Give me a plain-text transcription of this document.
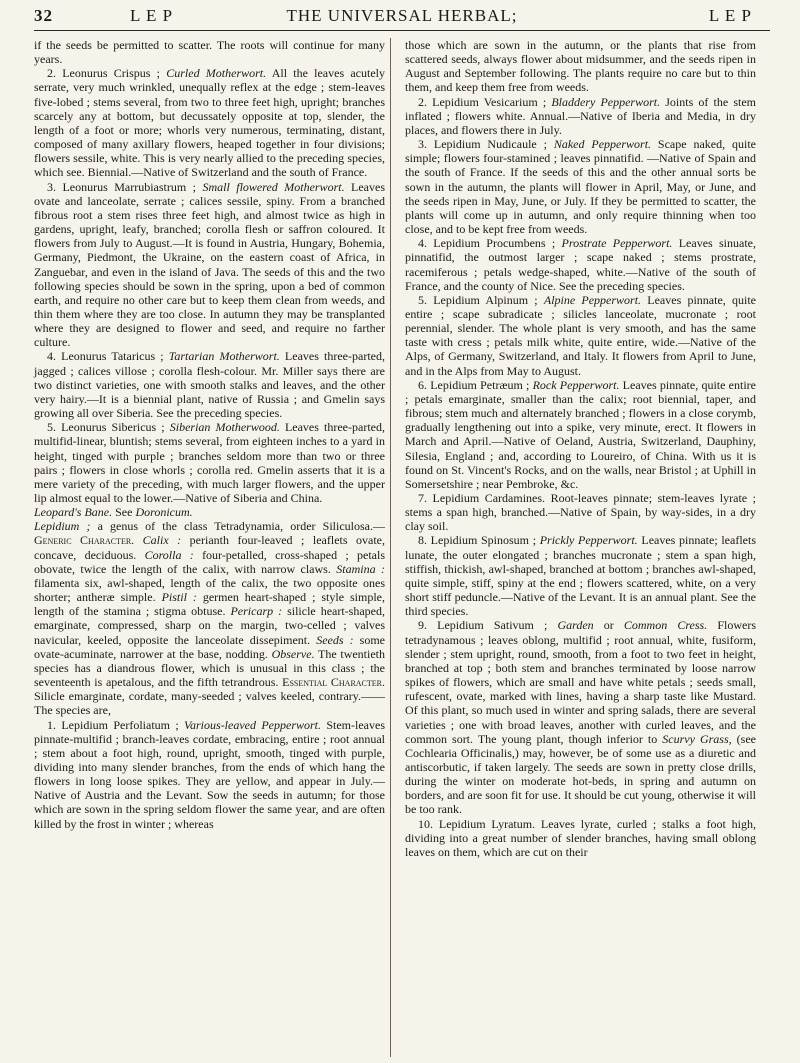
32	L E P	THE UNIVERSAL HERBAL;	L E P

if the seeds be permitted to scatter. The roots will continue for many years.

2. Leonurus Crispus ; Curled Motherwort. All the leaves acutely serrate, very much wrinkled, unequally reflex at the edge ; stem-leaves five-lobed ; stems several, from two to three feet high, upright; branches scarcely any at bottom, but decussately opposite at top, slender, the length of a foot or more; whorls very numerous, terminating, distant, composed of many axillary flowers, heaped together in four divisions; flowers sessile, white. This is very nearly allied to the preceding species, which see. Biennial.—Native of Switzerland and the south of France.

3. Leonurus Marrubiastrum ; Small flowered Motherwort. Leaves ovate and lanceolate, serrate ; calices sessile, spiny. From a branched fibrous root a stem rises three feet high, and almost twice as high in gardens, upright, leafy, branched; corolla flesh or saffron coloured. It flowers from July to August.—It is found in Austria, Hungary, Bohemia, Germany, Piedmont, the Ukraine, on the eastern coast of Africa, in Zanguebar, and even in the island of Java. The seeds of this and the two following species should be sown in the spring, upon a bed of common earth, and require no other care but to keep them clean from weeds, and thin them where they are too close. In autumn they may be transplanted where they are designed to flower and seed, and require no farther culture.

4. Leonurus Tataricus ; Tartarian Motherwort. Leaves three-parted, jagged ; calices villose ; corolla flesh-colour. Mr. Miller says there are two distinct varieties, one with smooth stalks and leaves, and the other very hairy.—It is a biennial plant, native of Russia ; and Gmelin says growing all over Siberia. See the preceding species.

5. Leonurus Sibericus ; Siberian Motherwood. Leaves three-parted, multifid-linear, bluntish; stems several, from eighteen inches to a yard in height, tinged with purple ; branches seldom more than two or three pairs ; flowers in close whorls ; corolla red. Gmelin asserts that it is a mere variety of the preceding, with much larger flowers, and the upper lip almost equal to the lower.—Native of Siberia and China.

Leopard's Bane. See Doronicum.

Lepidium ; a genus of the class Tetradynamia, order Siliculosa.—Generic Character. Calix : perianth four-leaved ; leaflets ovate, concave, deciduous. Corolla : four-petalled, cross-shaped ; petals obovate, twice the length of the calix, with narrow claws. Stamina : filamenta six, awl-shaped, length of the calix, the two opposite ones shorter; antheræ simple. Pistil : germen heart-shaped ; style simple, length of the stamina ; stigma obtuse. Pericarp : silicle heart-shaped, emarginate, compressed, sharp on the margin, two-celled ; valves navicular, keeled, opposite the lanceolate dissepiment. Seeds : some ovate-acuminate, narrower at the base, nodding. Observe. The twentieth species has a diandrous flower, which is unusual in this class ; the seventeenth is apetalous, and the fifth tetrandrous. Essential Character. Silicle emarginate, cordate, many-seeded ; valves keeled, contrary.——The species are,

1. Lepidium Perfoliatum ; Various-leaved Pepperwort. Stem-leaves pinnate-multifid ; branch-leaves cordate, embracing, entire ; root annual ; stem about a foot high, round, upright, smooth, tinged with purple, dividing into many slender branches, from the ends of which hang the flowers in long loose spikes. They are yellow, and appear in July.—Native of Austria and the Levant. Sow the seeds in autumn; for those which are sown in the spring seldom flower the same year, and are often killed by the frost in winter ; whereas

those which are sown in the autumn, or the plants that rise from scattered seeds, always flower about midsummer, and the seeds ripen in August and September following. The plants require no care but to thin them, and keep them free from weeds.

2. Lepidium Vesicarium ; Bladdery Pepperwort. Joints of the stem inflated ; flowers white. Annual.—Native of Iberia and Media, in dry places, and flowers there in July.

3. Lepidium Nudicaule ; Naked Pepperwort. Scape naked, quite simple; flowers four-stamined ; leaves pinnatifid. —Native of Spain and the south of France. If the seeds of this and the other annual sorts be sown in the autumn, the plants will flower in April, May, or June, and the seeds ripen in May, June, or July. If they be permitted to scatter, the plants will come up in autumn, and only require thinning when too close, and to be kept free from weeds.

4. Lepidium Procumbens ; Prostrate Pepperwort. Leaves sinuate, pinnatifid, the outmost larger ; scape naked ; stems prostrate, racemiferous ; petals wedge-shaped, white.—Native of the south of France, and the county of Nice. See the preceding species.

5. Lepidium Alpinum ; Alpine Pepperwort. Leaves pinnate, quite entire ; scape subradicate ; silicles lanceolate, mucronate ; root perennial, slender. The whole plant is very smooth, and has the same taste with cress ; petals milk white, quite entire, wide.—Native of the Alps, of Germany, Switzerland, and Italy. It flowers from April to June, and in the Alps from May to August.

6. Lepidium Petræum ; Rock Pepperwort. Leaves pinnate, quite entire ; petals emarginate, smaller than the calix; root biennial, taper, and fibrous; stem much and alternately branched ; flowers in a close corymb, gradually lengthening out into a spike, very minute, erect. It flowers in March and April.—Native of Oeland, Austria, Switzerland, Dauphiny, Silesia, England ; and, according to Loureiro, of China. With us it is found on St. Vincent's Rocks, and on the walls, near Bristol ; at Uphill in Somersetshire ; near Pembroke, &c.

7. Lepidium Cardamines. Root-leaves pinnate; stem-leaves lyrate ; stems a span high, branched.—Native of Spain, by way-sides, in a dry clay soil.

8. Lepidium Spinosum ; Prickly Pepperwort. Leaves pinnate; leaflets lunate, the outer elongated ; branches mucronate ; stem a span high, stiffish, thickish, awl-shaped, branched at bottom ; branches awl-shaped, quite simple, stiff, spiny at the end ; flowers scattered, white, on a very short stiff peduncle.—Native of the Levant. It is an annual plant. See the third species.

9. Lepidium Sativum ; Garden or Common Cress. Flowers tetradynamous ; leaves oblong, multifid ; root annual, white, fusiform, slender ; stem upright, round, smooth, from a foot to two feet in height, branched at top ; both stem and branches terminated by loose narrow spikes of flowers, which are small and have white petals ; seeds small, rufescent, ovate, marked with lines, having a sharp taste like Mustard. Of this plant, so much used in winter and spring salads, there are several varieties ; one with broad leaves, another with curled leaves, and the common sort. The young plant, though inferior to Scurvy Grass, (see Cochlearia Officinalis,) may, however, be of some use as a diuretic and antiscorbutic, if taken largely. The seeds are sown in pretty close drills, during the winter on moderate hot-beds, in spring and autumn on borders, and are soon fit for use. It should be cut young, otherwise it will be too rank.

10. Lepidium Lyratum. Leaves lyrate, curled ; stalks a foot high, dividing into a great number of slender branches, having small oblong leaves on them, which are cut on their
